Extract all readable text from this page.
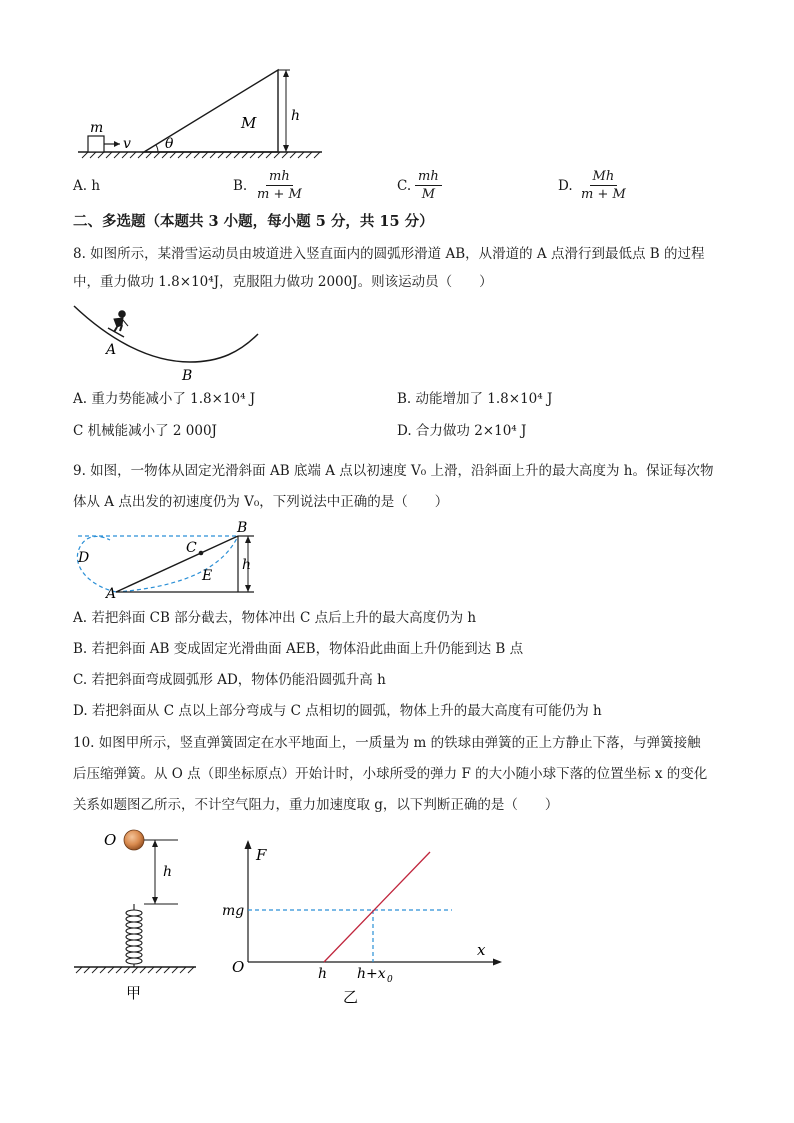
m
v θ
M h
A. h	B. $\frac{mh}{m + M}$	C. $\frac{mh}{M}$	D. $\frac{Mh}{m + M}$
二、多选题（本题共 3 小题，每小题 5 分，共 15 分）
8. 如图所示，某滑雪运动员由坡道进入竖直面内的圆弧形滑道 AB，从滑道的 A 点滑行到最低点 B 的过程
中，重力做功 1.8×10⁴J，克服阻力做功 2000J。则该运动员（　　）
A
B
A. 重力势能减小了 1.8×10⁴ J	B. 动能增加了 1.8×10⁴ J
C 机械能减小了 2 000J	D. 合力做功 2×10⁴ J
9. 如图，一物体从固定光滑斜面 AB 底端 A 点以初速度 V₀ 上滑，沿斜面上升的最大高度为 h。保证每次物
体从 A 点出发的初速度仍为 V₀，下列说法中正确的是（　　）
A
B
C
D
E
h
A. 若把斜面 CB 部分截去，物体冲出 C 点后上升的最大高度仍为 h
B. 若把斜面 AB 变成固定光滑曲面 AEB，物体沿此曲面上升仍能到达 B 点
C. 若把斜面弯成圆弧形 AD，物体仍能沿圆弧升高 h
D. 若把斜面从 C 点以上部分弯成与 C 点相切的圆弧，物体上升的最大高度有可能仍为 h
10. 如图甲所示，竖直弹簧固定在水平地面上，一质量为 m 的铁球由弹簧的正上方静止下落，与弹簧接触
后压缩弹簧。从 O 点（即坐标原点）开始计时，小球所受的弹力 F 的大小随小球下落的位置坐标 x 的变化
关系如题图乙所示，不计空气阻力，重力加速度取 g，以下判断正确的是（　　）
O
h
甲
F
mg
O	h h+x 0
x
乙
